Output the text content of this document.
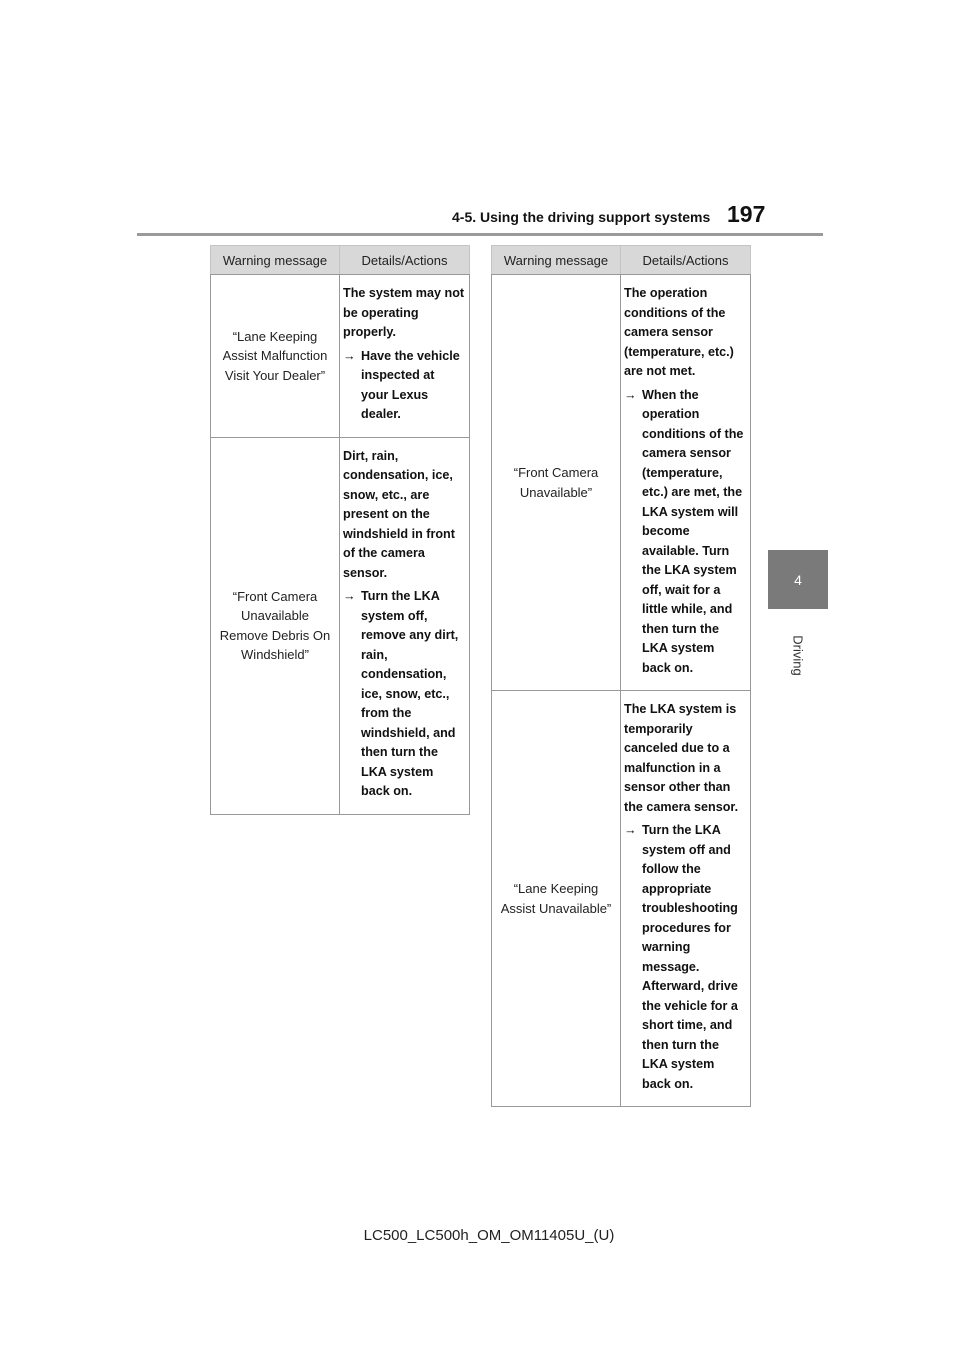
4-5. Using the driving support systems 197
4
Driving
Warning message	Details/Actions
“Lane Keeping Assist Malfunction Visit Your Dealer”	The system may not be operating properly.
→ Have the vehicle inspected at your Lexus dealer.

“Front Camera Unavailable Remove Debris On Windshield”	Dirt, rain, condensation, ice, snow, etc., are present on the windshield in front of the camera sensor.
→ Turn the LKA system off, remove any dirt, rain, condensation, ice, snow, etc., from the windshield, and then turn the LKA system back on.
Warning message	Details/Actions
“Front Camera Unavailable”	The operation conditions of the camera sensor (temperature, etc.) are not met.
→ When the operation conditions of the camera sensor (temperature, etc.) are met, the LKA system will become available. Turn the LKA system off, wait for a little while, and then turn the LKA system back on.

“Lane Keeping Assist Unavailable”	The LKA system is temporarily canceled due to a malfunction in a sensor other than the camera sensor.
→ Turn the LKA system off and follow the appropriate troubleshooting procedures for warning message. Afterward, drive the vehicle for a short time, and then turn the LKA system back on.
LC500_LC500h_OM_OM11405U_(U)
